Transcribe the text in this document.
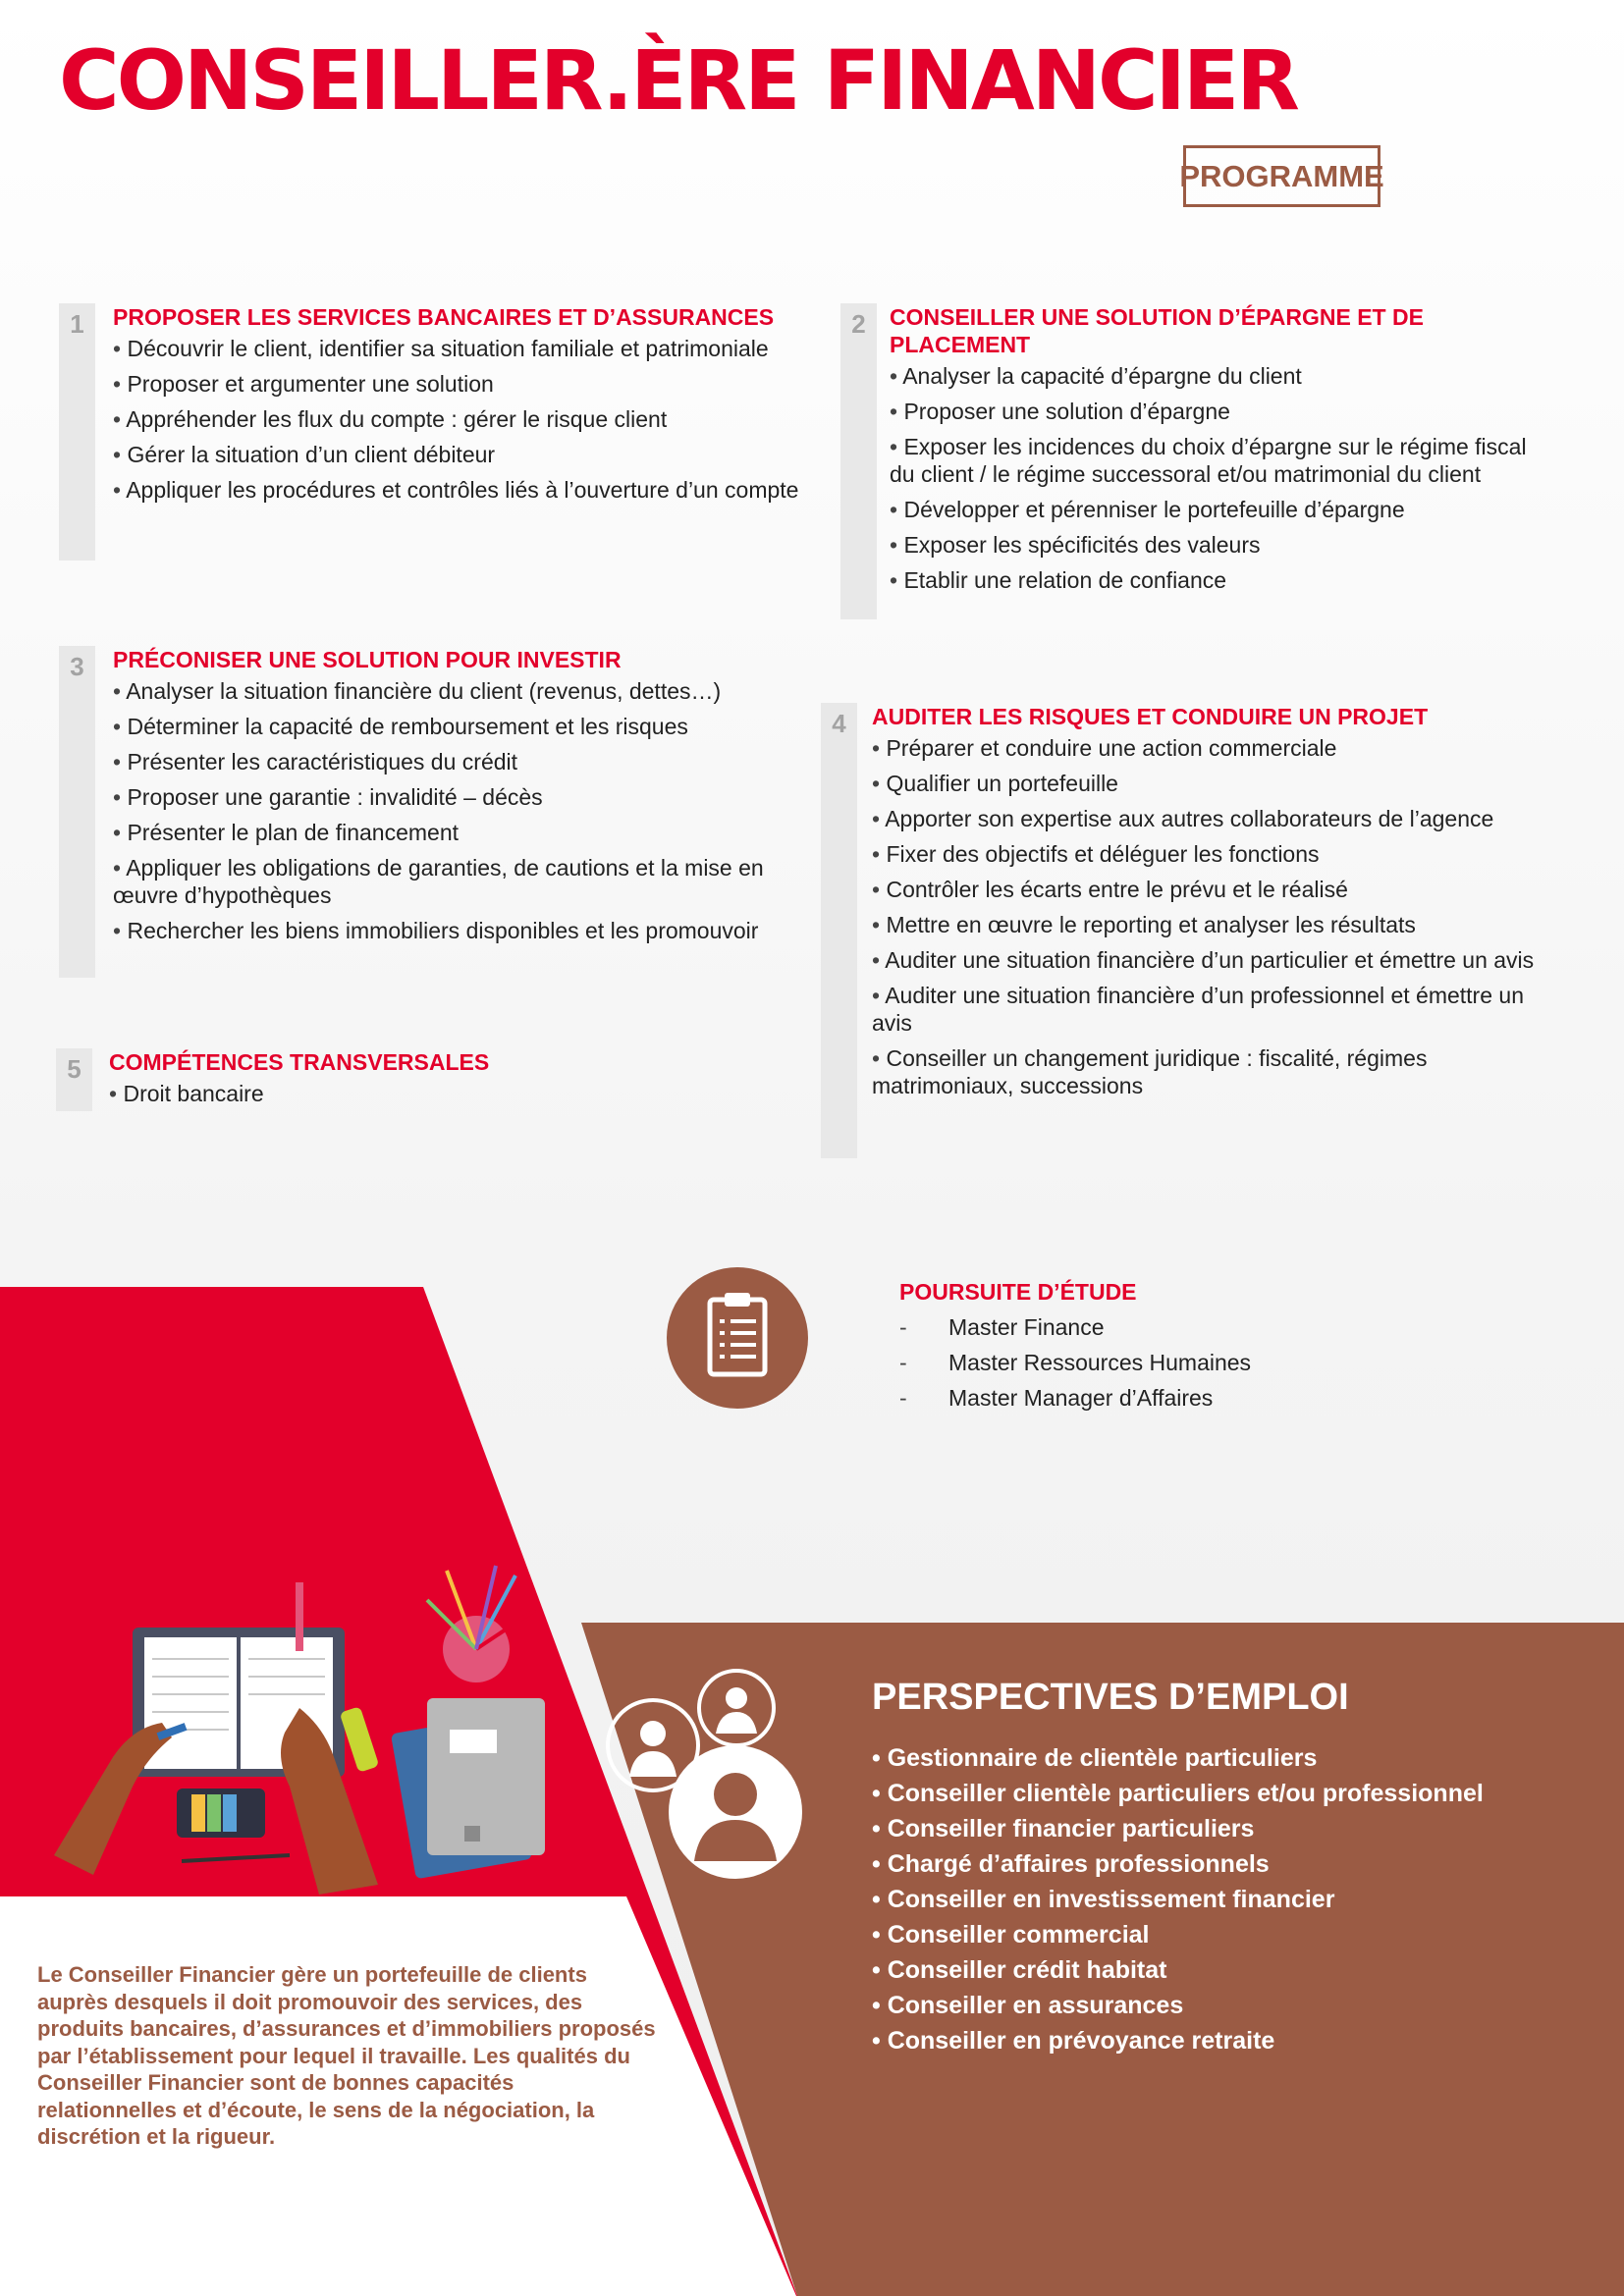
CONSEILLER.ÈRE FINANCIER
PROGRAMME
1	PROPOSER LES SERVICES BANCAIRES ET D’ASSURANCES
• Découvrir le client, identifier sa situation familiale et patrimoniale
• Proposer et argumenter une solution
• Appréhender les flux du compte : gérer le risque client
• Gérer la situation d’un client débiteur
• Appliquer les procédures et contrôles liés à l’ouverture d’un compte
2	CONSEILLER UNE SOLUTION D’ÉPARGNE ET DE PLACEMENT
• Analyser la capacité d’épargne du client
• Proposer une solution d’épargne
• Exposer les incidences du choix d’épargne sur le régime fiscal du client / le régime successoral et/ou matrimonial du client
• Développer et pérenniser le portefeuille d’épargne
• Exposer les spécificités des valeurs
• Etablir une relation de confiance
3	PRÉCONISER UNE SOLUTION POUR INVESTIR
• Analyser la situation financière du client (revenus, dettes…)
• Déterminer la capacité de remboursement et les risques
• Présenter les caractéristiques du crédit
• Proposer une garantie : invalidité – décès
• Présenter le plan de financement
• Appliquer les obligations de garanties, de cautions et la mise en œuvre d’hypothèques
• Rechercher les biens immobiliers disponibles et les promouvoir
4	AUDITER LES RISQUES ET CONDUIRE UN PROJET
• Préparer et conduire une action commerciale
• Qualifier un portefeuille
• Apporter son expertise aux autres collaborateurs de l’agence
• Fixer des objectifs et déléguer les fonctions
• Contrôler les écarts entre le prévu et le réalisé
• Mettre en œuvre le reporting et analyser les résultats
• Auditer une situation financière d’un particulier et émettre un avis
• Auditer une situation financière d’un professionnel et émettre un avis
• Conseiller un changement juridique : fiscalité, régimes matrimoniaux, successions
5	COMPÉTENCES TRANSVERSALES
• Droit bancaire
POURSUITE D’ÉTUDE
-	Master Finance
-	Master Ressources Humaines
-	Master Manager d’Affaires
PERSPECTIVES D’EMPLOI
• Gestionnaire de clientèle particuliers
• Conseiller clientèle particuliers et/ou professionnel
• Conseiller financier particuliers
• Chargé d’affaires professionnels
• Conseiller en investissement financier
• Conseiller commercial
• Conseiller crédit habitat
• Conseiller en assurances
• Conseiller en prévoyance retraite

Le Conseiller Financier gère un portefeuille de clients auprès desquels il doit promouvoir des services, des produits bancaires, d’assurances et d’immobiliers proposés par l’établissement pour lequel il travaille. Les qualités du Conseiller Financier sont de bonnes capacités relationnelles et d’écoute, le sens de la négociation, la discrétion et la rigueur.
